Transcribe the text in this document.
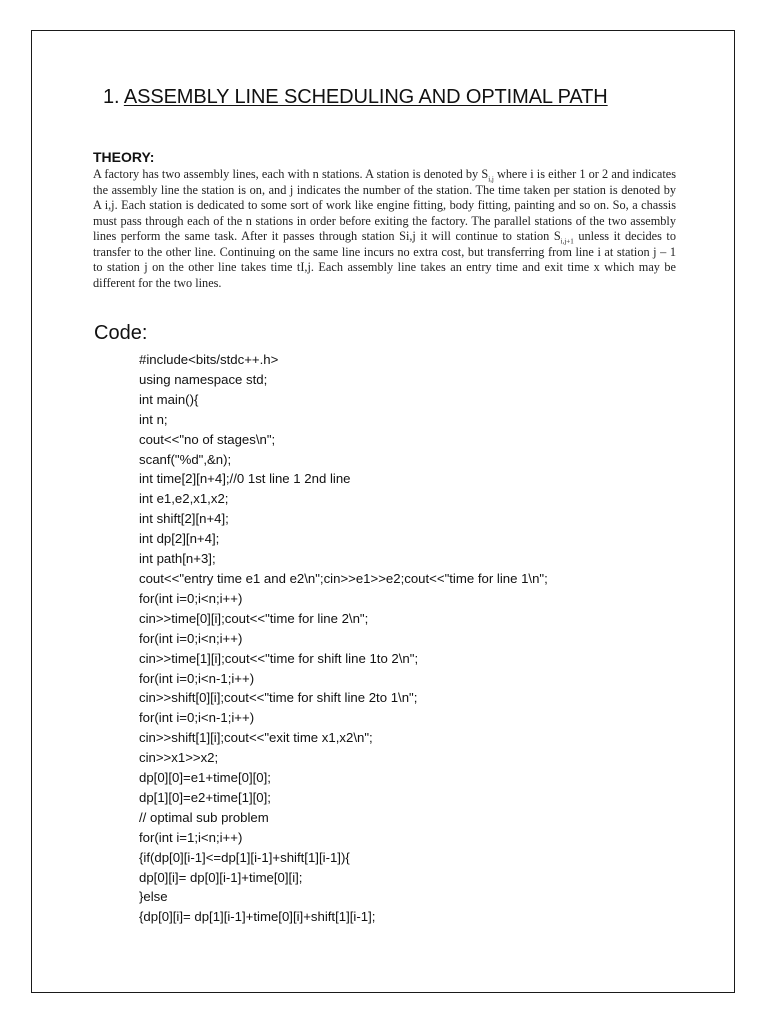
1. ASSEMBLY LINE SCHEDULING AND OPTIMAL PATH
THEORY:

A factory has two assembly lines, each with n stations. A station is denoted by $S_{i,j}$ where i is either 1 or 2 and indicates the assembly line the station is on, and j indicates the number of the station. The time taken per station is denoted by A i,j. Each station is dedicated to some sort of work like engine fitting, body fitting, painting and so on. So, a chassis must pass through each of the n stations in order before exiting the factory. The parallel stations of the two assembly lines perform the same task. After it passes through station Si,j it will continue to station $S_{i,j+1}$ unless it decides to transfer to the other line. Continuing on the same line incurs no extra cost, but transferring from line i at station j – 1 to station j on the other line takes time tI,j. Each assembly line takes an entry time and exit time x which may be different for the two lines.

Code:
#include<bits/stdc++.h>
using namespace std;
int main(){
int n;
cout<<"no of stages\n";
scanf("%d",&n);
int time[2][n+4];//0 1st line 1 2nd line
int e1,e2,x1,x2;
int shift[2][n+4];
int dp[2][n+4];
int path[n+3];
cout<<"entry time e1 and e2\n";cin>>e1>>e2;cout<<"time for line 1\n";
for(int i=0;i<n;i++)
cin>>time[0][i];cout<<"time for line 2\n";
for(int i=0;i<n;i++)
cin>>time[1][i];cout<<"time for shift line 1to 2\n";
for(int i=0;i<n-1;i++)
cin>>shift[0][i];cout<<"time for shift line 2to 1\n";
for(int i=0;i<n-1;i++)
cin>>shift[1][i];cout<<"exit time x1,x2\n";
cin>>x1>>x2;
dp[0][0]=e1+time[0][0];
dp[1][0]=e2+time[1][0];
// optimal sub problem
for(int i=1;i<n;i++)
{if(dp[0][i-1]<=dp[1][i-1]+shift[1][i-1]){
dp[0][i]= dp[0][i-1]+time[0][i];
}else
{dp[0][i]= dp[1][i-1]+time[0][i]+shift[1][i-1];
